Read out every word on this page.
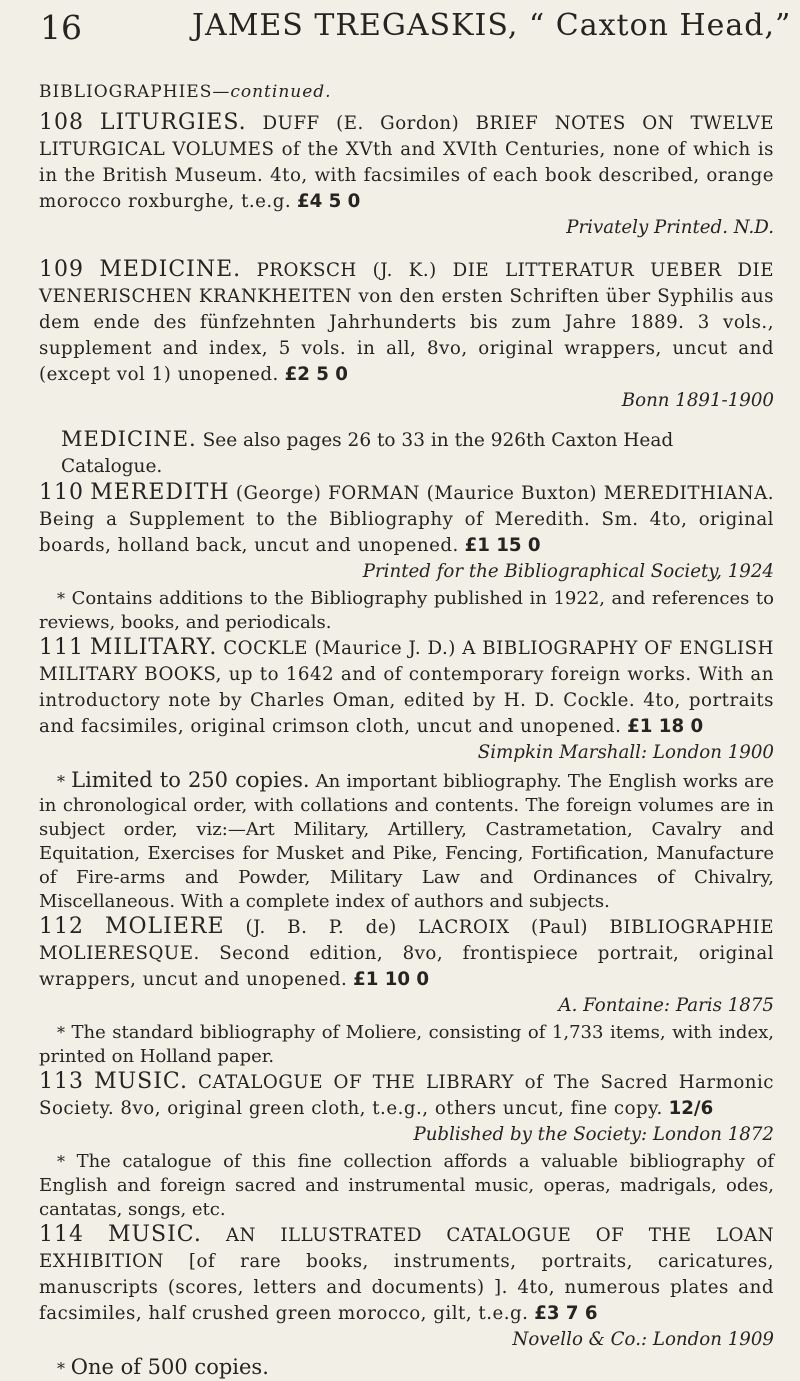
16	JAMES TREGASKIS, “ Caxton Head,”
BIBLIOGRAPHIES—continued.

108 LITURGIES. DUFF (E. Gordon) BRIEF NOTES ON TWELVE LITURGICAL VOLUMES of the XVth and XVIth Centuries, none of which is in the British Museum. 4to, with facsimiles of each book described, orange morocco roxburghe, t.e.g. £4 5 0
Privately Printed. N.D.

109 MEDICINE. PROKSCH (J. K.) DIE LITTERATUR UEBER DIE VENERISCHEN KRANKHEITEN von den ersten Schriften über Syphilis aus dem ende des fünfzehnten Jahrhunderts bis zum Jahre 1889. 3 vols., supplement and index, 5 vols. in all, 8vo, original wrappers, uncut and (except vol 1) unopened. £2 5 0
Bonn 1891-1900

MEDICINE. See also pages 26 to 33 in the 926th Caxton Head Catalogue.

110 MEREDITH (George) FORMAN (Maurice Buxton) MEREDITHIANA. Being a Supplement to the Bibliography of Meredith. Sm. 4to, original boards, holland back, uncut and unopened. £1 15 0
Printed for the Bibliographical Society, 1924

* Contains additions to the Bibliography published in 1922, and references to reviews, books, and periodicals.

111 MILITARY. COCKLE (Maurice J. D.) A BIBLIOGRAPHY OF ENGLISH MILITARY BOOKS, up to 1642 and of contemporary foreign works. With an introductory note by Charles Oman, edited by H. D. Cockle. 4to, portraits and facsimiles, original crimson cloth, uncut and unopened. £1 18 0
Simpkin Marshall: London 1900

* Limited to 250 copies. An important bibliography. The English works are in chronological order, with collations and contents. The foreign volumes are in subject order, viz:—Art Military, Artillery, Castrametation, Cavalry and Equitation, Exercises for Musket and Pike, Fencing, Fortification, Manufacture of Fire-arms and Powder, Military Law and Ordinances of Chivalry, Miscellaneous. With a complete index of authors and subjects.

112 MOLIERE (J. B. P. de) LACROIX (Paul) BIBLIOGRAPHIE MOLIERESQUE. Second edition, 8vo, frontispiece portrait, original wrappers, uncut and unopened. £1 10 0
A. Fontaine: Paris 1875

* The standard bibliography of Moliere, consisting of 1,733 items, with index, printed on Holland paper.

113 MUSIC. CATALOGUE OF THE LIBRARY of The Sacred Harmonic Society. 8vo, original green cloth, t.e.g., others uncut, fine copy. 12/6
Published by the Society: London 1872

* The catalogue of this fine collection affords a valuable bibliography of English and foreign sacred and instrumental music, operas, madrigals, odes, cantatas, songs, etc.

114 MUSIC. AN ILLUSTRATED CATALOGUE OF THE LOAN EXHIBITION [of rare books, instruments, portraits, caricatures, manuscripts (scores, letters and documents) ]. 4to, numerous plates and facsimiles, half crushed green morocco, gilt, t.e.g. £3 7 6
Novello & Co.: London 1909

* One of 500 copies.
